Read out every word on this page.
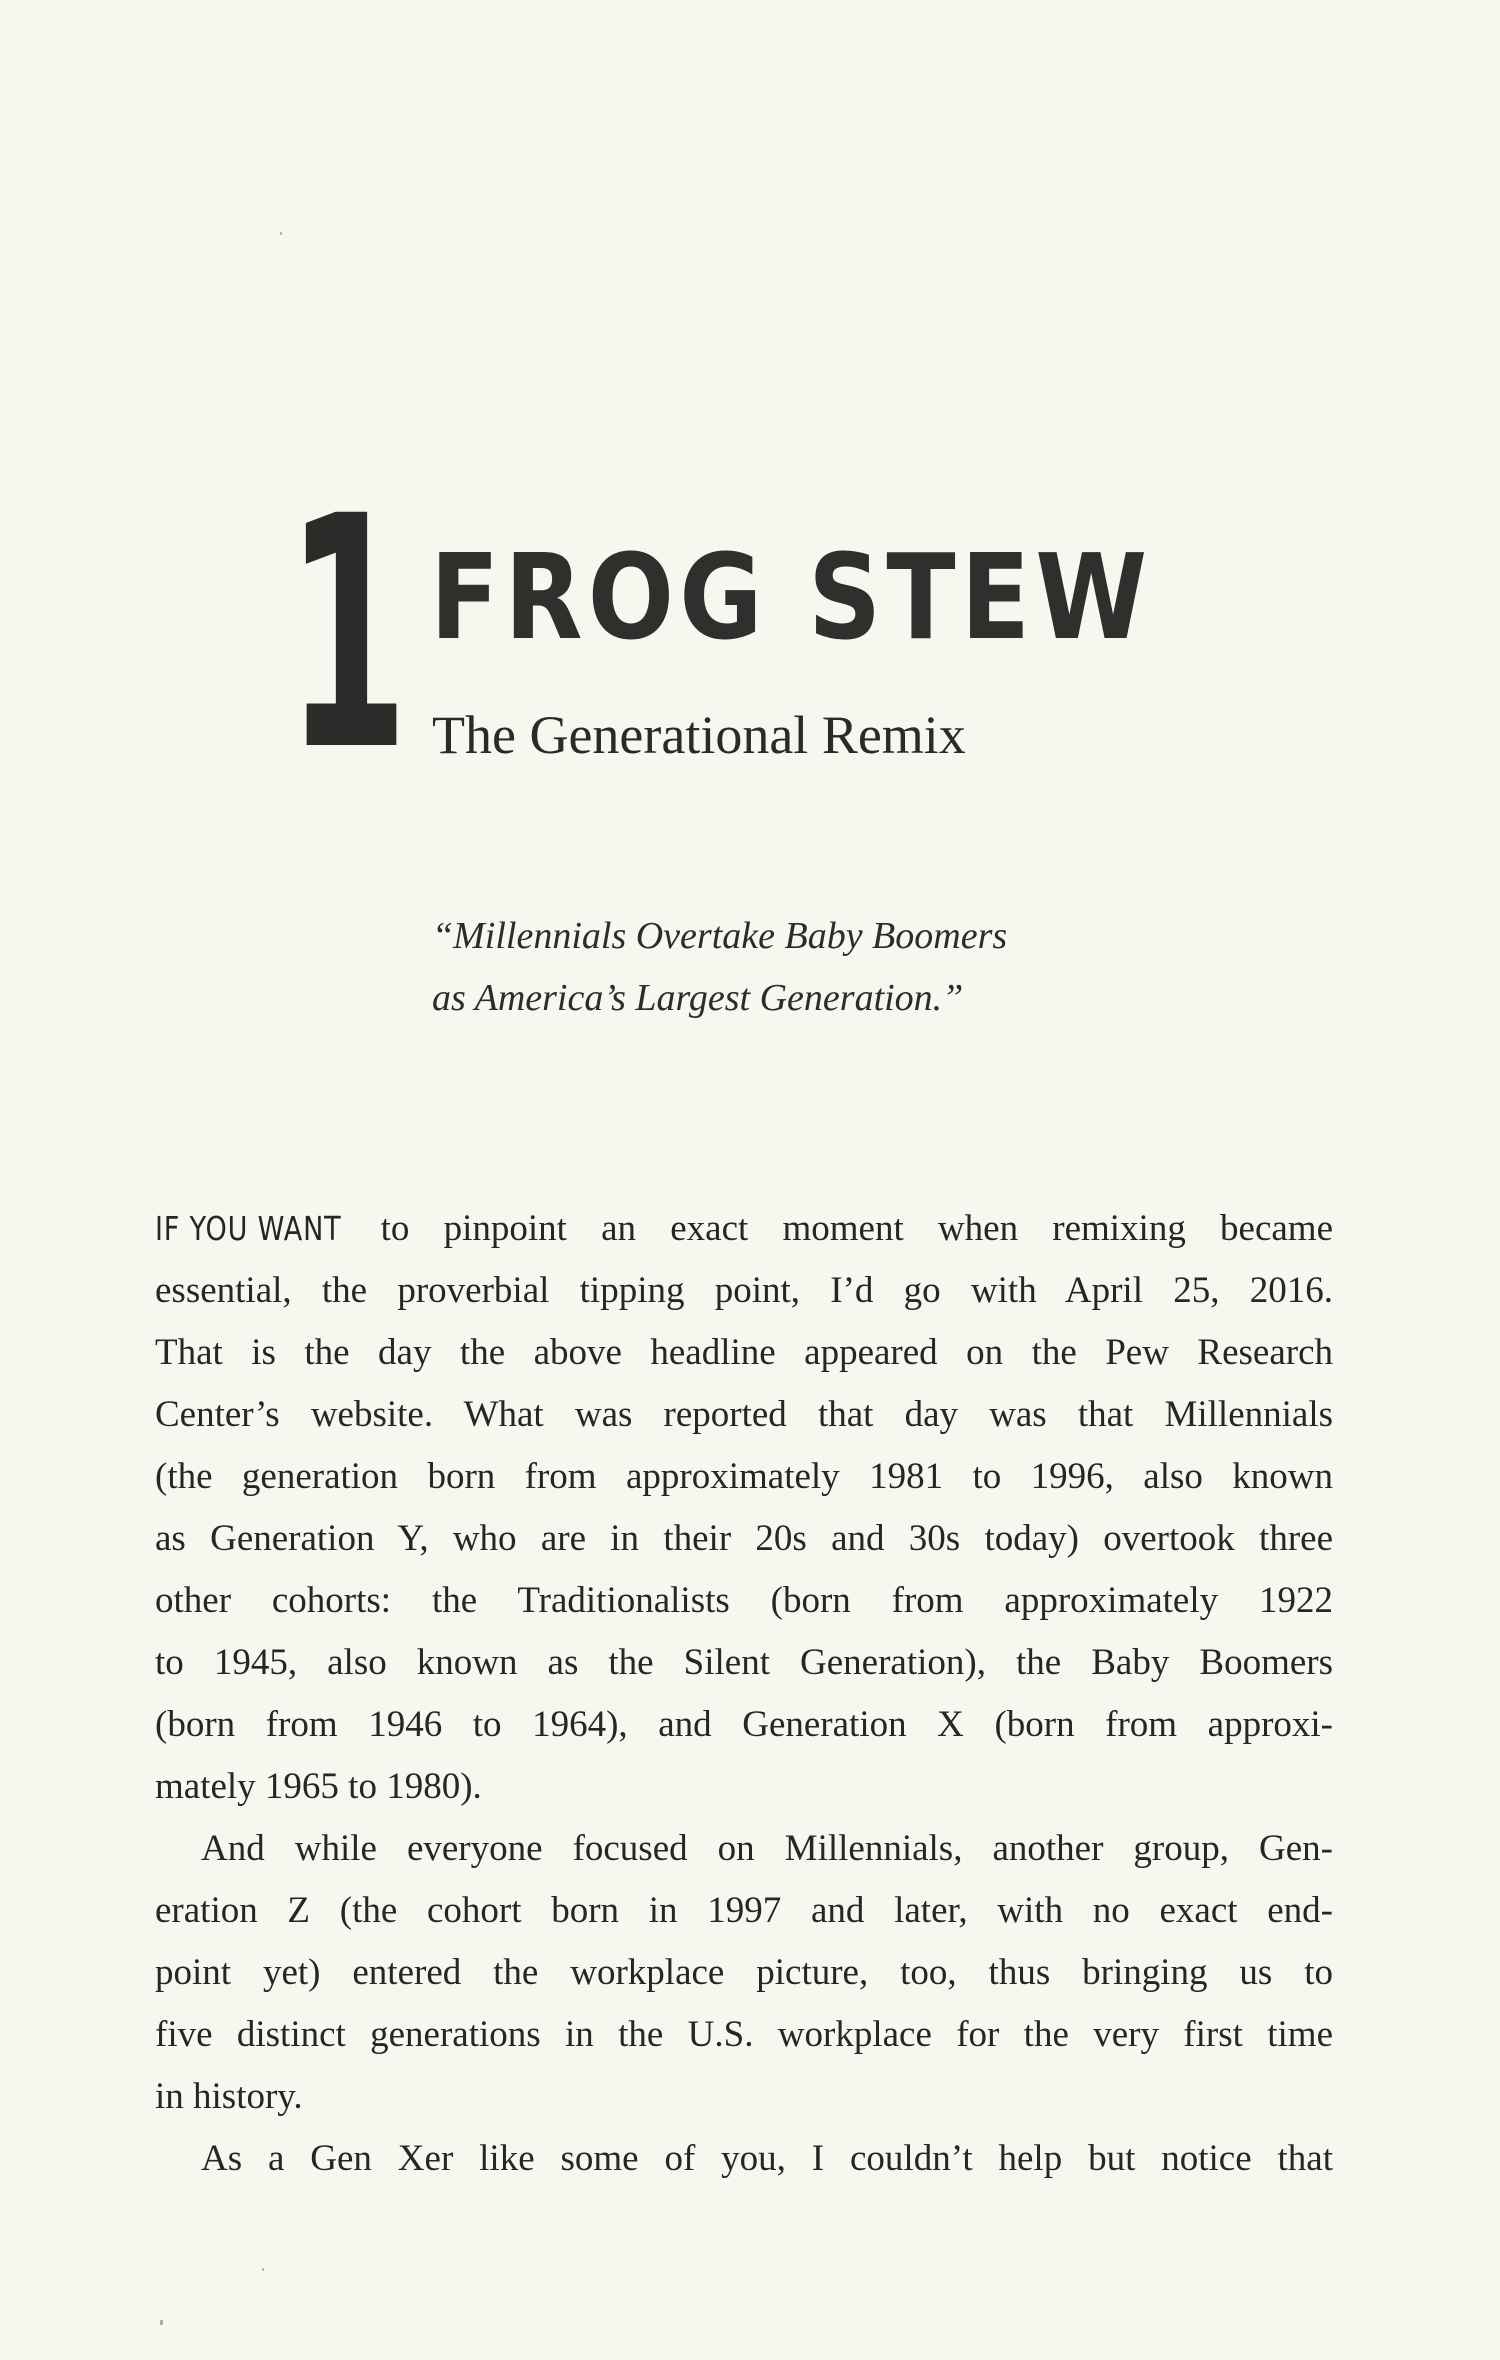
1 FROG STEW
The Generational Remix
“Millennials Overtake Baby Boomers
as America’s Largest Generation.”
IF YOU WANT to pinpoint an exact moment when remixing became
essential, the proverbial tipping point, I’d go with April 25, 2016.
That is the day the above headline appeared on the Pew Research
Center’s website. What was reported that day was that Millennials
(the generation born from approximately 1981 to 1996, also known
as Generation Y, who are in their 20s and 30s today) overtook three
other cohorts: the Traditionalists (born from approximately 1922
to 1945, also known as the Silent Generation), the Baby Boomers
(born from 1946 to 1964), and Generation X (born from approxi-
mately 1965 to 1980).
And while everyone focused on Millennials, another group, Gen-
eration Z (the cohort born in 1997 and later, with no exact end-
point yet) entered the workplace picture, too, thus bringing us to
five distinct generations in the U.S. workplace for the very first time
in history.
As a Gen Xer like some of you, I couldn’t help but notice that
